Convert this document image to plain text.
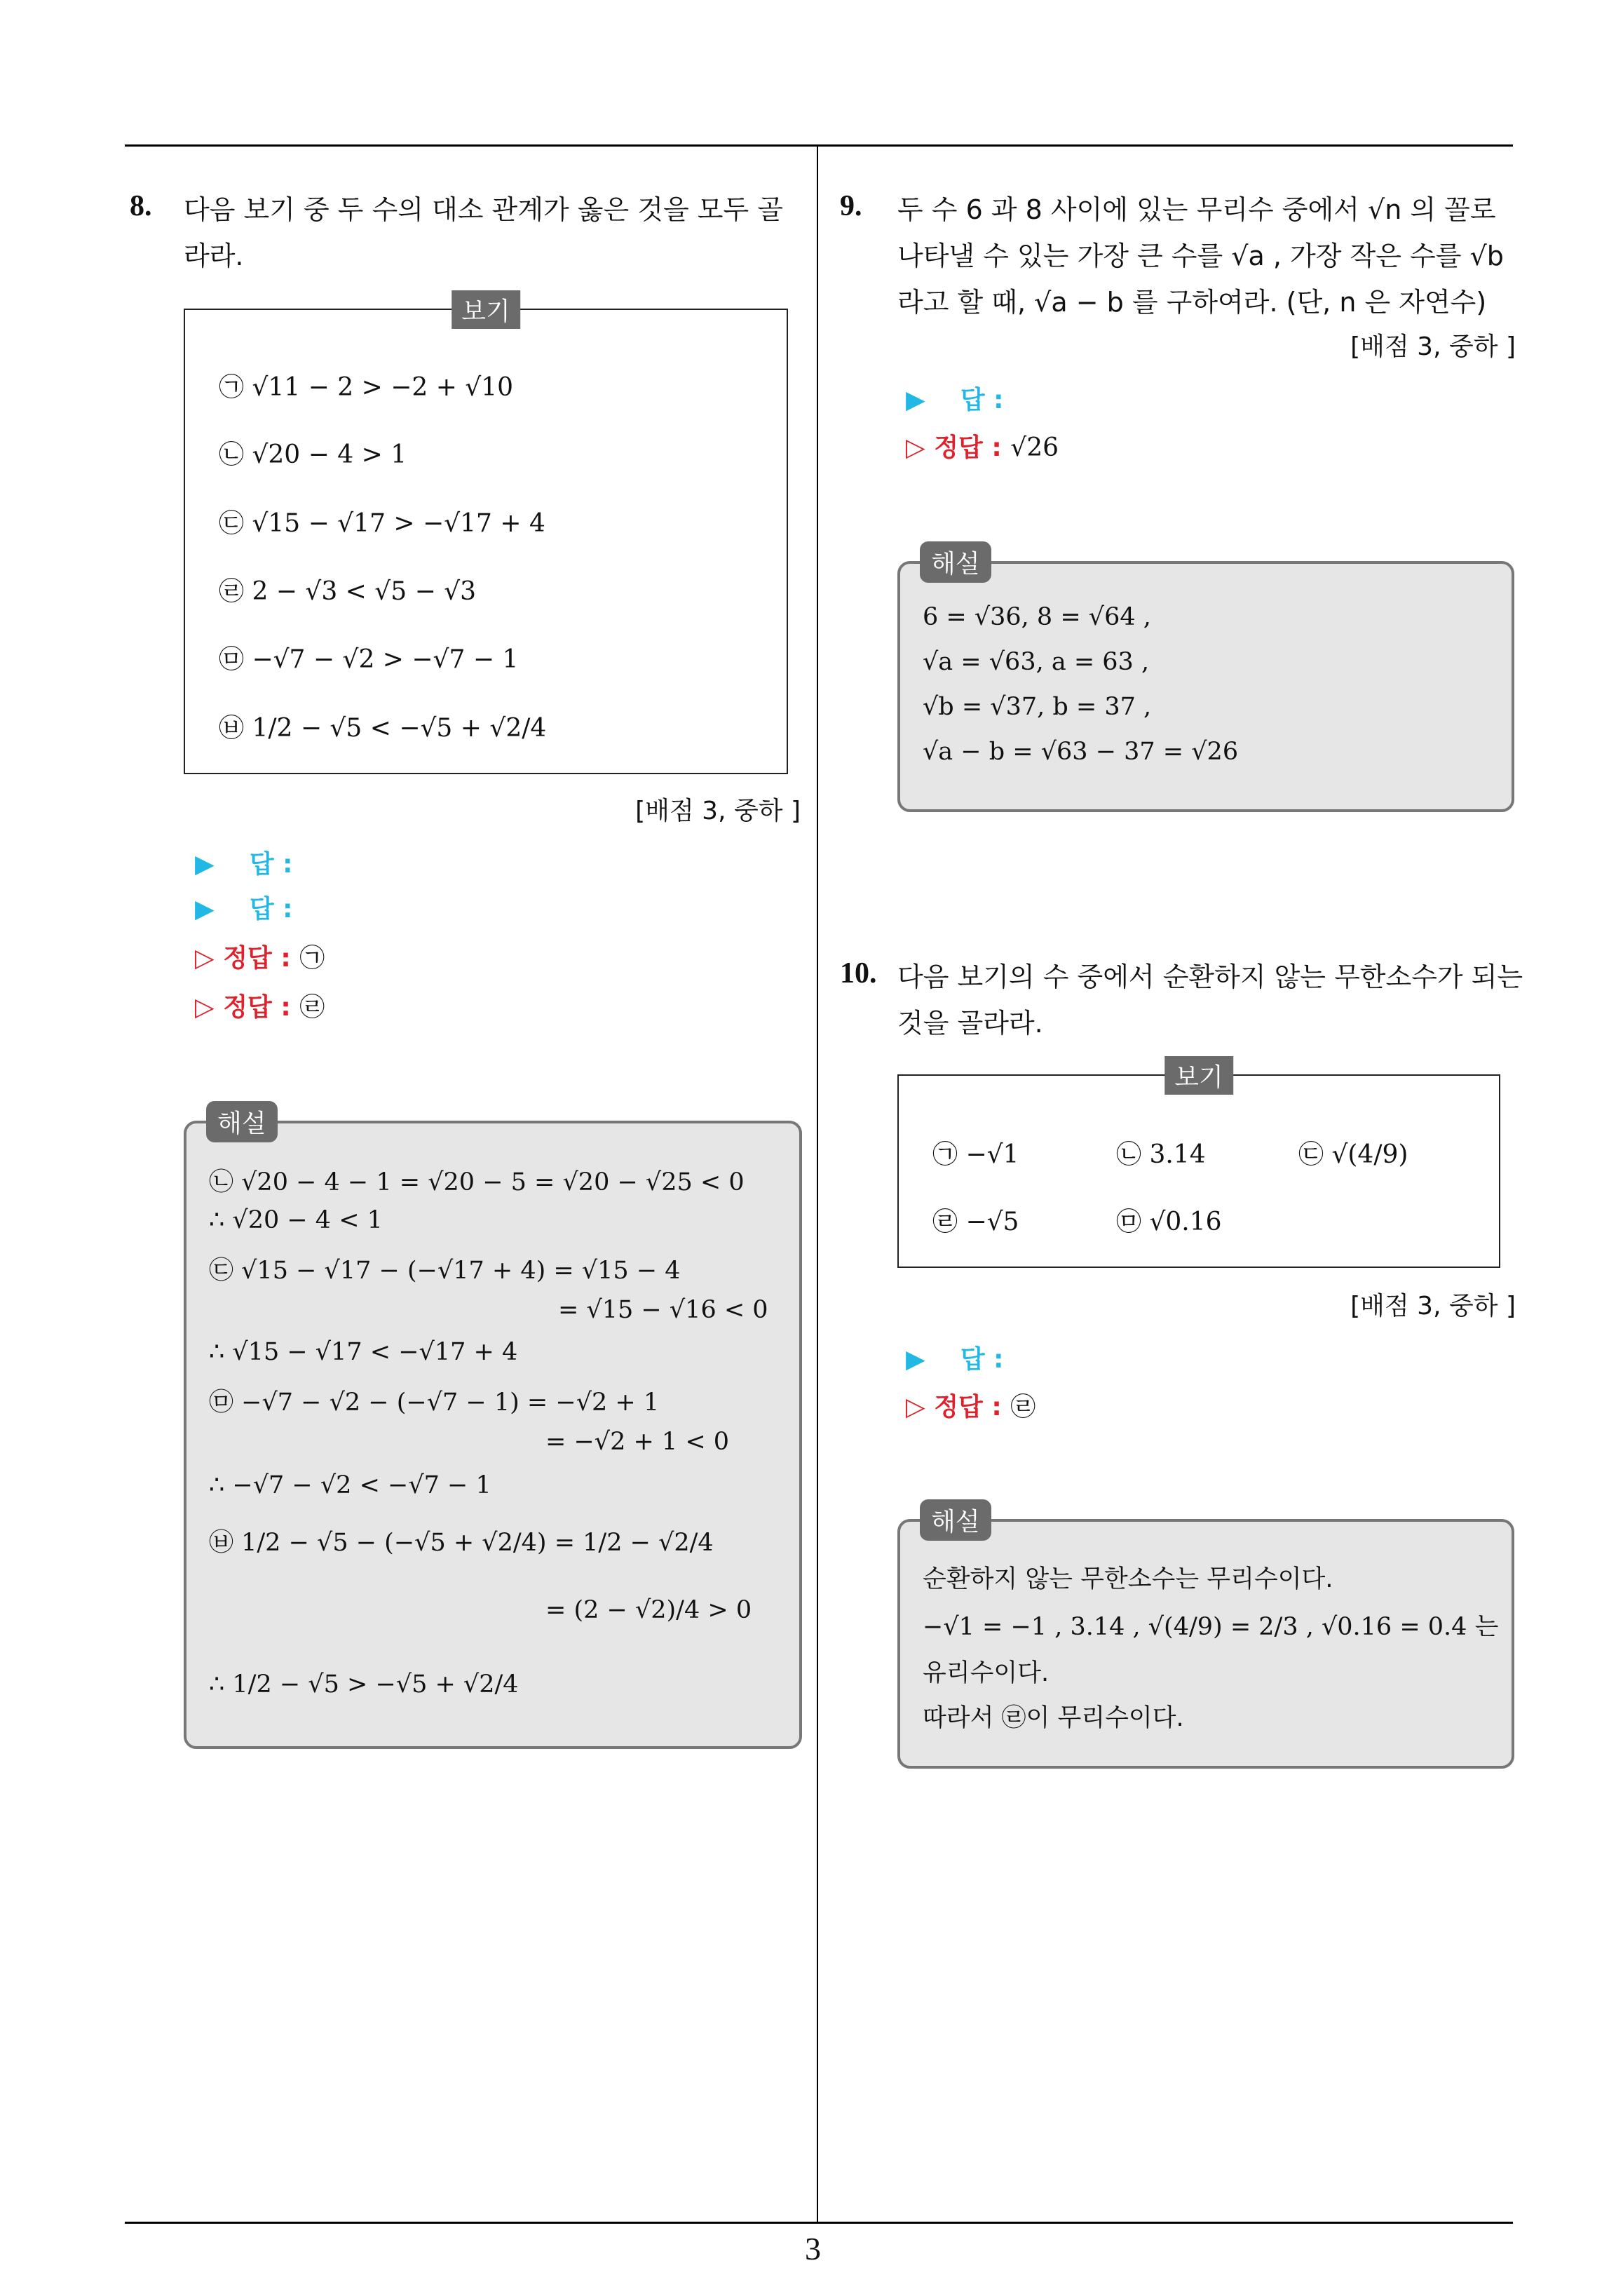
8. 다음 보기 중 두 수의 대소 관계가 옳은 것을 모두 골
라라.
보기
㉠ √11 − 2 > −2 + √10
㉡ √20 − 4 > 1
㉢ √15 − √17 > −√17 + 4
㉣ 2 − √3 < √5 − √3
㉤ −√7 − √2 > −√7 − 1
㉥ 1/2 − √5 < −√5 + √2/4
[배점 3, 중하 ]
▶ 답 :
▶ 답 :
▷ 정답 : ㉠
▷ 정답 : ㉣
해설
㉡ √20 − 4 − 1 = √20 − 5 = √20 − √25 < 0
∴ √20 − 4 < 1
㉢ √15 − √17 − (−√17 + 4) = √15 − 4
= √15 − √16 < 0
∴ √15 − √17 < −√17 + 4
㉤ −√7 − √2 − (−√7 − 1) = −√2 + 1
= −√2 + 1 < 0
∴ −√7 − √2 < −√7 − 1
㉥ 1/2 − √5 − (−√5 + √2/4) = 1/2 − √2/4
= (2 − √2)/4 > 0
∴ 1/2 − √5 > −√5 + √2/4
9. 두 수 6 과 8 사이에 있는 무리수 중에서 √n 의 꼴로
나타낼 수 있는 가장 큰 수를 √a , 가장 작은 수를 √b
라고 할 때, √a − b 를 구하여라. (단, n 은 자연수)
[배점 3, 중하 ]
▶ 답 :
▷ 정답 : √26
해설
6 = √36, 8 = √64 ,
√a = √63, a = 63 ,
√b = √37, b = 37 ,
√a − b = √63 − 37 = √26
10. 다음 보기의 수 중에서 순환하지 않는 무한소수가 되는
것을 골라라.
보기
㉠ −√1	㉡ 3.14	㉢ √(4/9)
㉣ −√5	㉤ √0.16
[배점 3, 중하 ]
▶ 답 :
▷ 정답 : ㉣
해설
순환하지 않는 무한소수는 무리수이다.
−√1 = −1 , 3.14 , √(4/9) = 2/3 , √0.16 = 0.4 는
유리수이다.
따라서 ㉣이 무리수이다.
3
